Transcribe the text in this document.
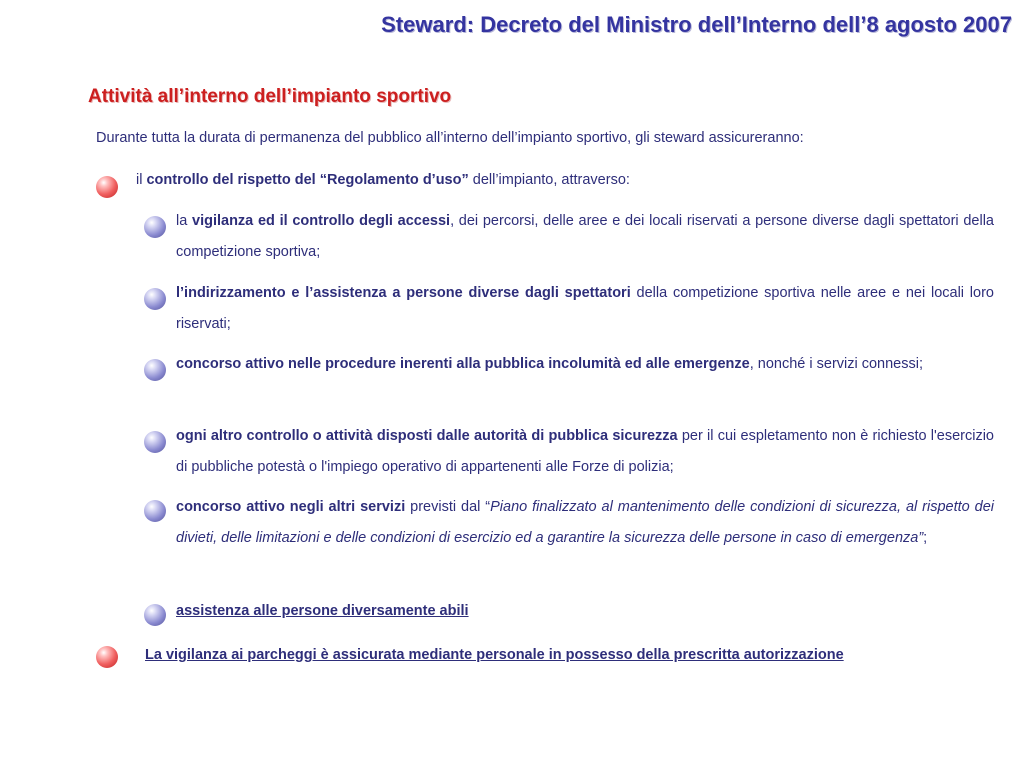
Steward: Decreto del Ministro dell’Interno dell’8 agosto 2007
Attività all’interno dell’impianto sportivo
Durante tutta la durata di permanenza del pubblico all’interno dell’impianto sportivo, gli steward assicureranno:
il controllo del rispetto del “Regolamento d’uso” dell’impianto, attraverso:
la vigilanza ed il controllo degli accessi, dei percorsi, delle aree e dei locali riservati a persone diverse dagli spettatori della competizione sportiva;
l’indirizzamento e l’assistenza a persone diverse dagli spettatori della competizione sportiva nelle aree e nei locali loro riservati;
concorso attivo nelle procedure inerenti alla pubblica incolumità ed alle emergenze, nonché i servizi connessi;
ogni altro controllo o attività disposti dalle autorità di pubblica sicurezza per il cui espletamento non è richiesto l'esercizio di pubbliche potestà o l'impiego operativo di appartenenti alle Forze di polizia;
concorso attivo negli altri servizi previsti dal “Piano finalizzato al mantenimento delle condizioni di sicurezza, al rispetto dei divieti, delle limitazioni e delle condizioni di esercizio ed a garantire la sicurezza delle persone in caso di emergenza”;
assistenza alle persone diversamente abili
La vigilanza ai parcheggi è assicurata mediante personale in possesso della prescritta autorizzazione
